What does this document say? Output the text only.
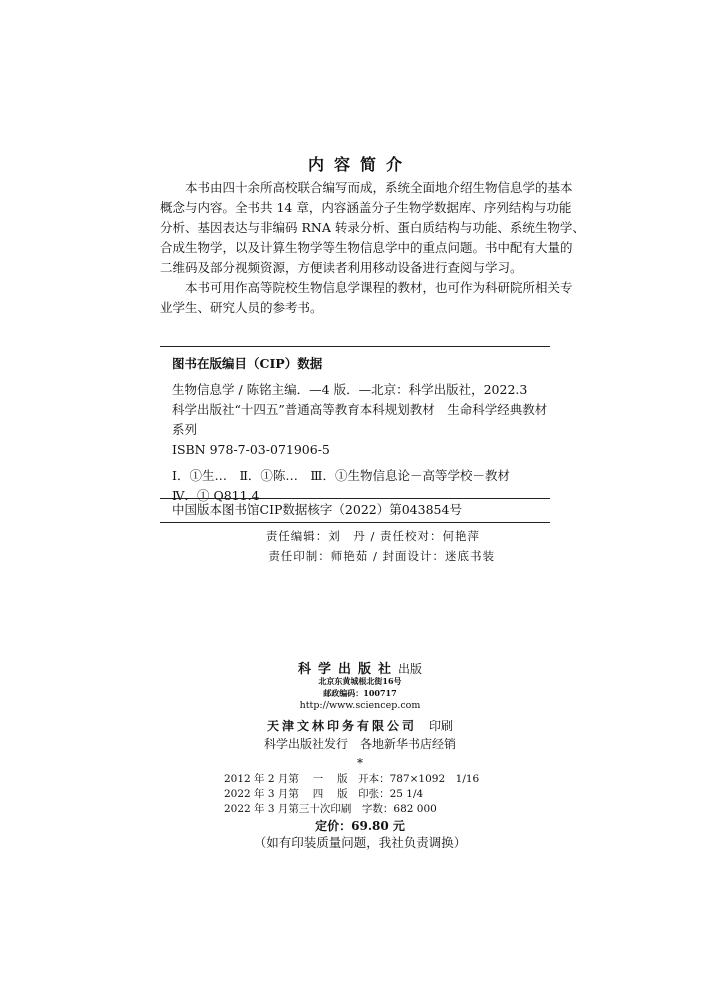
内容简介
本书由四十余所高校联合编写而成，系统全面地介绍生物信息学的基本
概念与内容。全书共 14 章，内容涵盖分子生物学数据库、序列结构与功能
分析、基因表达与非编码 RNA 转录分析、蛋白质结构与功能、系统生物学、
合成生物学，以及计算生物学等生物信息学中的重点问题。书中配有大量的
二维码及部分视频资源，方便读者利用移动设备进行查阅与学习。
本书可用作高等院校生物信息学课程的教材，也可作为科研院所相关专
业学生、研究人员的参考书。
图书在版编目（CIP）数据
生物信息学 / 陈铭主编．—4 版．—北京：科学出版社，2022.3
科学出版社“十四五”普通高等教育本科规划教材　生命科学经典教材
系列
ISBN 978-7-03-071906-5
Ⅰ．①生…　Ⅱ．①陈…　Ⅲ．①生物信息论－高等学校－教材
Ⅳ．① Q811.4
中国版本图书馆CIP数据核字（2022）第043854号
责任编辑：刘　丹 / 责任校对：何艳萍
责任印制：师艳茹 / 封面设计：迷底书装
科学出版社出版
北京东黄城根北街16号
邮政编码：100717
http://www.sciencep.com
天津文林印务有限公司　 印刷
科学出版社发行　各地新华书店经销
*
2012 年 2 月第　 一　 版　开本：787×1092　1/16
2022 年 3 月第　 四　 版　印张：25 1/4
2022 年 3 月第三十次印刷　字数：682 000
定价：69.80 元
（如有印装质量问题，我社负责调换）
